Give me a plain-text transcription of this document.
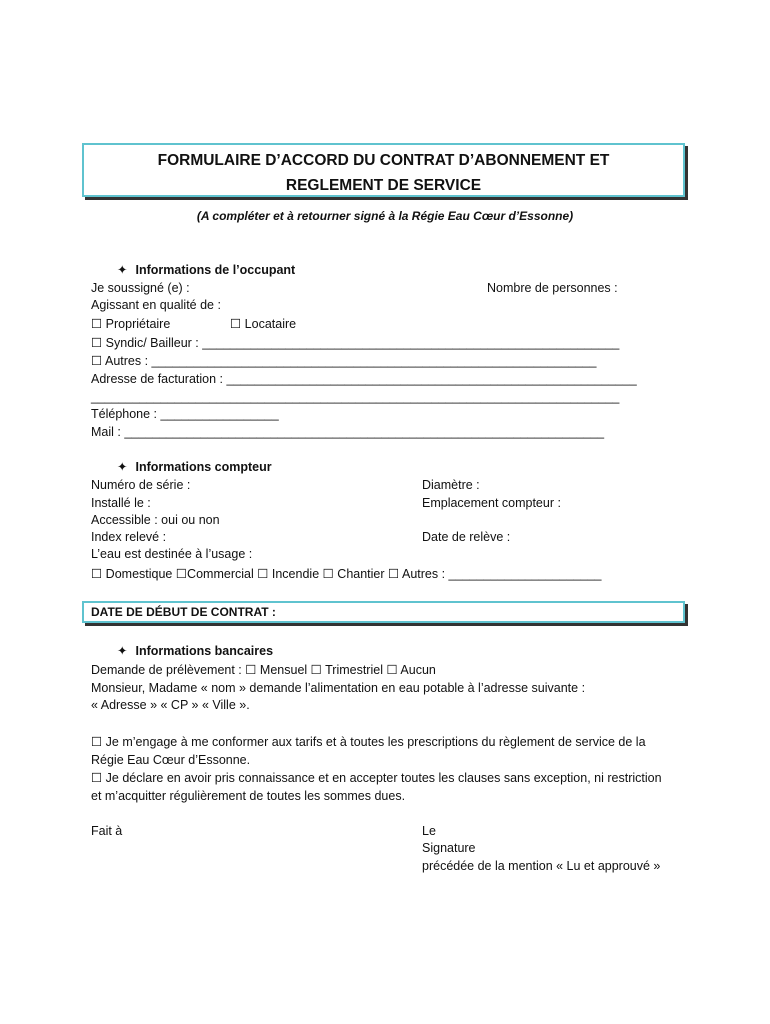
FORMULAIRE D’ACCORD DU CONTRAT D’ABONNEMENT ET
REGLEMENT DE SERVICE
(A compléter et à retourner signé à la Régie Eau Cœur d’Essonne)
✦ Informations de l’occupant
Je soussigné (e) :	Nombre de personnes :
Agissant en qualité de :
☐ Propriétaire	☐ Locataire
☐ Syndic/ Bailleur : ____________________________________________________________
☐ Autres : ________________________________________________________________
Adresse de facturation : ___________________________________________________________
____________________________________________________________________________
Téléphone : _________________
Mail : _____________________________________________________________________
✦ Informations compteur
Numéro de série :	Diamètre :
Installé le :	Emplacement compteur :
Accessible : oui ou non
Index relevé :	Date de relève :
L’eau est destinée à l’usage :
☐ Domestique ☐Commercial ☐ Incendie ☐ Chantier ☐ Autres : ______________________
DATE DE DÉBUT DE CONTRAT :
✦ Informations bancaires
Demande de prélèvement : ☐ Mensuel ☐ Trimestriel ☐ Aucun
Monsieur, Madame « nom » demande l’alimentation en eau potable à l’adresse suivante :
« Adresse » « CP » « Ville ».
☐ Je m’engage à me conformer aux tarifs et à toutes les prescriptions du règlement de service de la
Régie Eau Cœur d’Essonne.
☐ Je déclare en avoir pris connaissance et en accepter toutes les clauses sans exception, ni restriction
et m’acquitter régulièrement de toutes les sommes dues.
Fait à	Le
Signature
précédée de la mention « Lu et approuvé »
